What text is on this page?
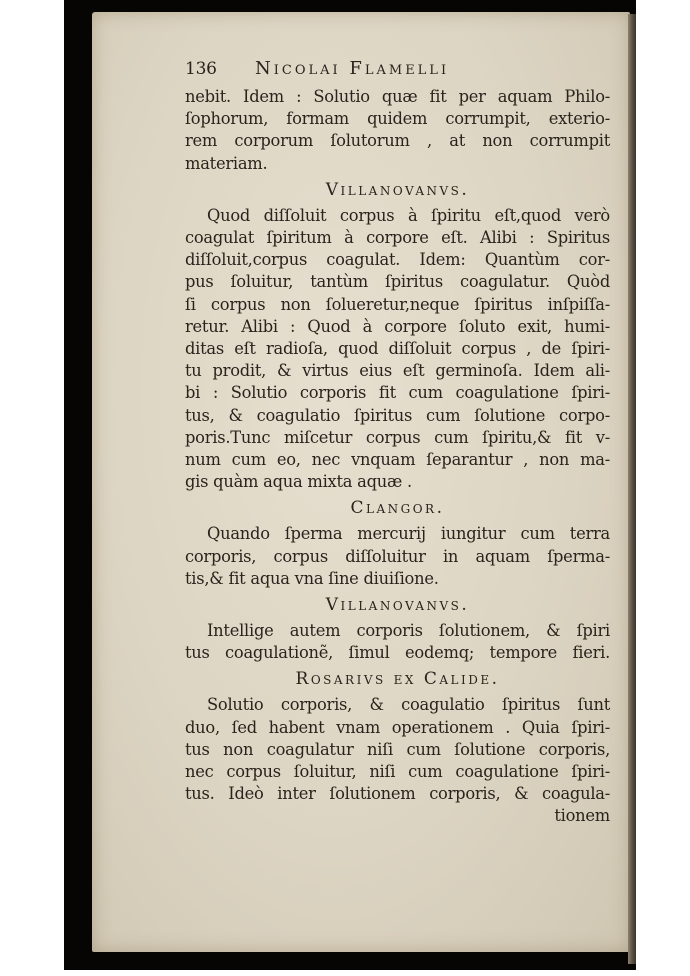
136	Nicolai Flamelli
nebit. Idem : Solutio quæ fit per aquam Philo-
ſophorum, formam quidem corrumpit, exterio-
rem corporum ſolutorum , at non corrumpit
materiam.
Villanovanvs.
Quod diſſoluit corpus à ſpiritu eſt,quod verò
coagulat ſpiritum à corpore eſt. Alibi : Spiritus
diſſoluit,corpus coagulat. Idem: Quantùm cor-
pus ſoluitur, tantùm ſpiritus coagulatur. Quòd
ſi corpus non ſolueretur,neque ſpiritus inſpiſſa-
retur. Alibi : Quod à corpore ſoluto exit, humi-
ditas eſt radioſa, quod diſſoluit corpus , de ſpiri-
tu prodit, & virtus eius eſt germinoſa. Idem ali-
bi : Solutio corporis fit cum coagulatione ſpiri-
tus, & coagulatio ſpiritus cum ſolutione corpo-
poris.Tunc miſcetur corpus cum ſpiritu,& fit v-
num cum eo, nec vnquam ſeparantur , non ma-
gis quàm aqua mixta aquæ .
Clangor.
Quando ſperma mercurij iungitur cum terra
corporis, corpus diſſoluitur in aquam ſperma-
tis,& fit aqua vna ſine diuiſione.
Villanovanvs.
Intellige autem corporis ſolutionem, & ſpiri
tus coagulationẽ, ſimul eodemq; tempore fieri.
Rosarivs ex Calide.
Solutio corporis, & coagulatio ſpiritus ſunt
duo, ſed habent vnam operationem . Quia ſpiri-
tus non coagulatur niſi cum ſolutione corporis,
nec corpus ſoluitur, niſi cum coagulatione ſpiri-
tus. Ideò inter ſolutionem corporis, & coagula-
tionem
